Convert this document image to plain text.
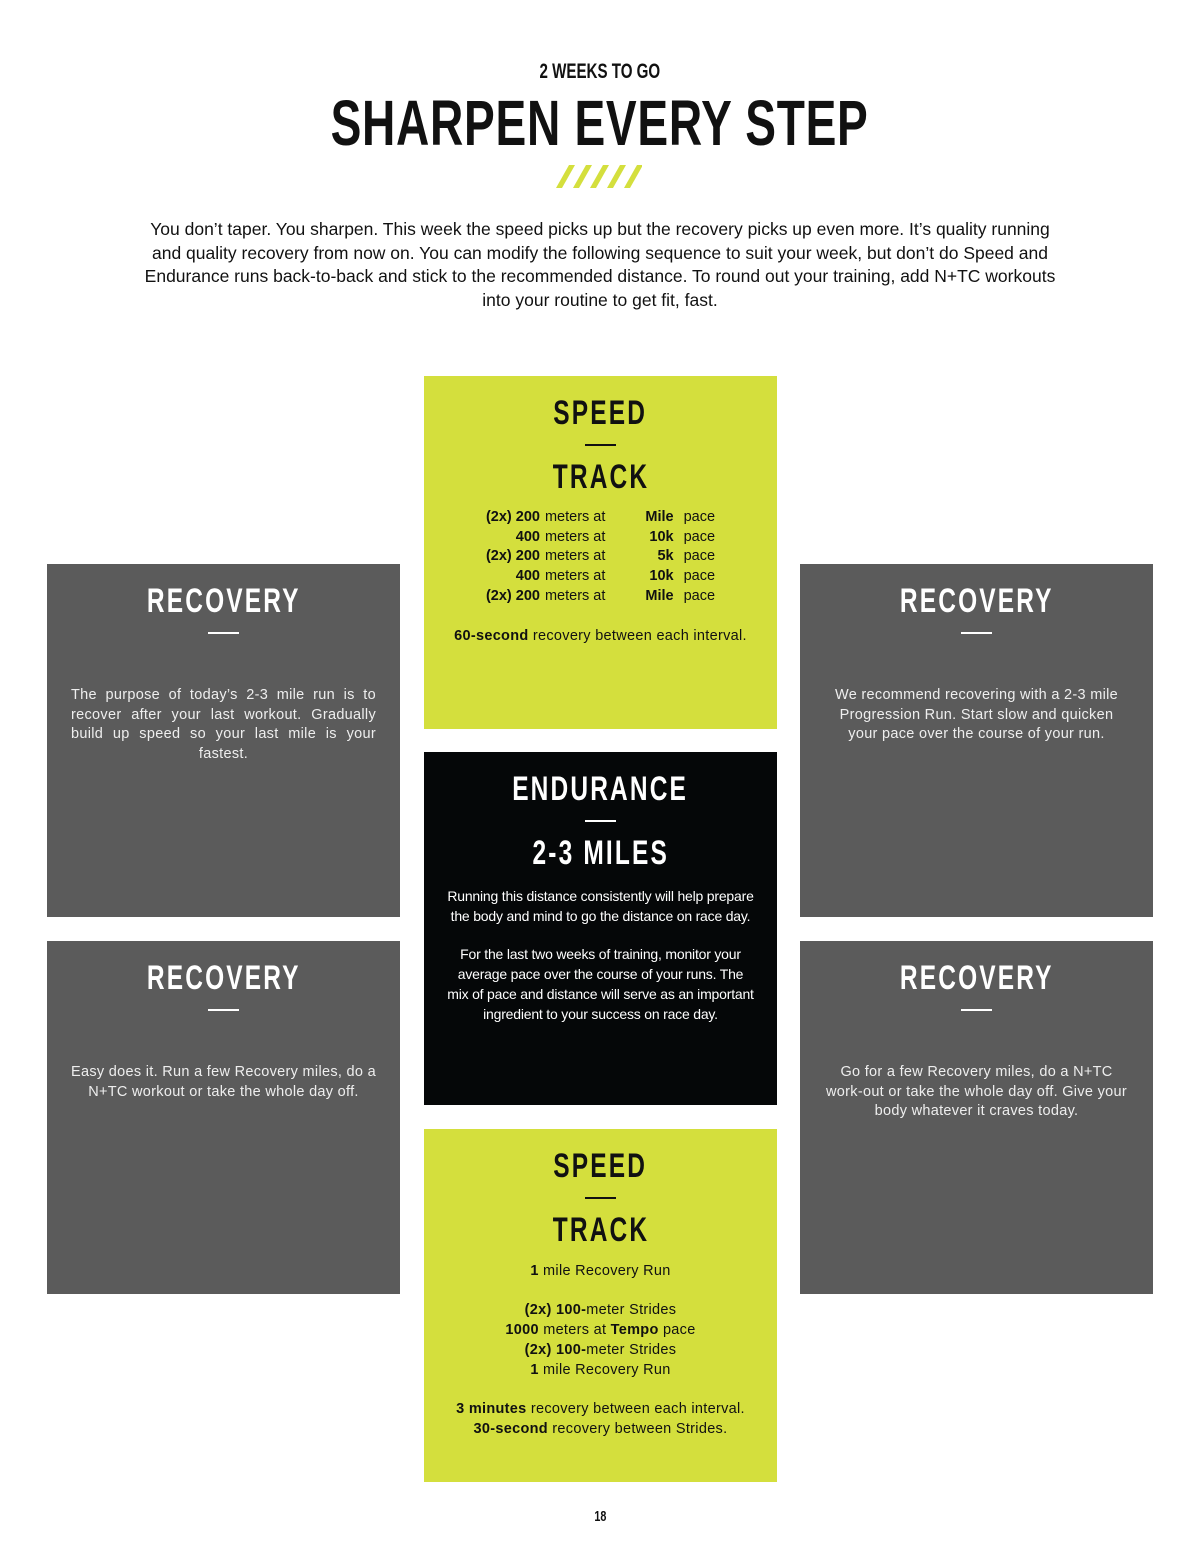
2 WEEKS TO GO
SHARPEN EVERY STEP

You don’t taper. You sharpen. This week the speed picks up but the recovery picks up even more. It’s quality running and quality recovery from now on. You can modify the following sequence to suit your week, but don’t do Speed and Endurance runs back-to-back and stick to the recommended distance. To round out your training, add N+TC workouts into your routine to get fit, fast.

SPEED
TRACK
(2x) 200	meters at	Mile	pace
400	meters at	10k	pace
(2x) 200	meters at	5k	pace
400	meters at	10k	pace
(2x) 200	meters at	Mile	pace
60-second recovery between each interval.
ENDURANCE
2-3 MILES

Running this distance consistently will help prepare the body and mind to go the distance on race day.

For the last two weeks of training, monitor your average pace over the course of your runs. The mix of pace and distance will serve as an important ingredient to your success on race day.

SPEED
TRACK
1 mile Recovery Run
(2x) 100-meter Strides
1000 meters at Tempo pace
(2x) 100-meter Strides
1 mile Recovery Run
3 minutes recovery between each interval.
30-second recovery between Strides.
RECOVERY

The purpose of today’s 2-3 mile run is to recover after your last workout. Gradually build up speed so your last mile is your fastest.

RECOVERY

We recommend recovering with a 2-3 mile Progression Run. Start slow and quicken your pace over the course of your run.

RECOVERY

Easy does it. Run a few Recovery miles, do a N+TC workout or take the whole day off.

RECOVERY

Go for a few Recovery miles, do a N+TC work-out or take the whole day off. Give your body whatever it craves today.

18
